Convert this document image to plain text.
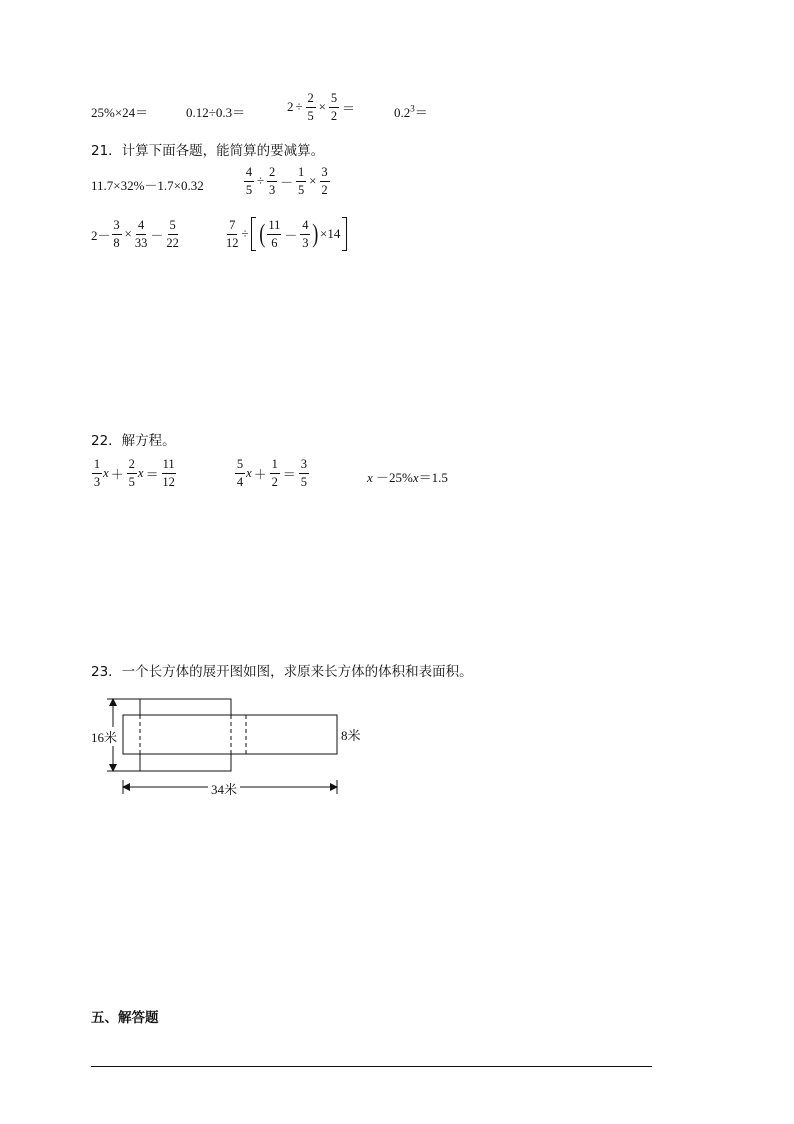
25%×24＝	0.12÷0.3＝	$2 \div \frac{2}{5} \times \frac{5}{2}$ ＝	$0.2^3=$
21．计算下面各题，能简算的要减算。
11.7×32%－1.7×0.32	$\frac{4}{5} \div \frac{2}{3} - \frac{1}{5} \times \frac{3}{2}$
$2- \frac{3}{8} \times \frac{4}{33} - \frac{5}{22}$	$\frac{7}{12}$ ÷ ( $\frac{11}{6} - \frac{4}{3}$ ) ×14
22．解方程。
$\frac{1}{3}$ $x + \frac{2}{5}$ $x = \frac{11}{12}$	$\frac{5}{4}$ $x + \frac{1}{2} = \frac{3}{5}$	x －25%x＝1.5
23．一个长方体的展开图如图，求原来长方体的体积和表面积。
16米	8米
34米
五、解答题
